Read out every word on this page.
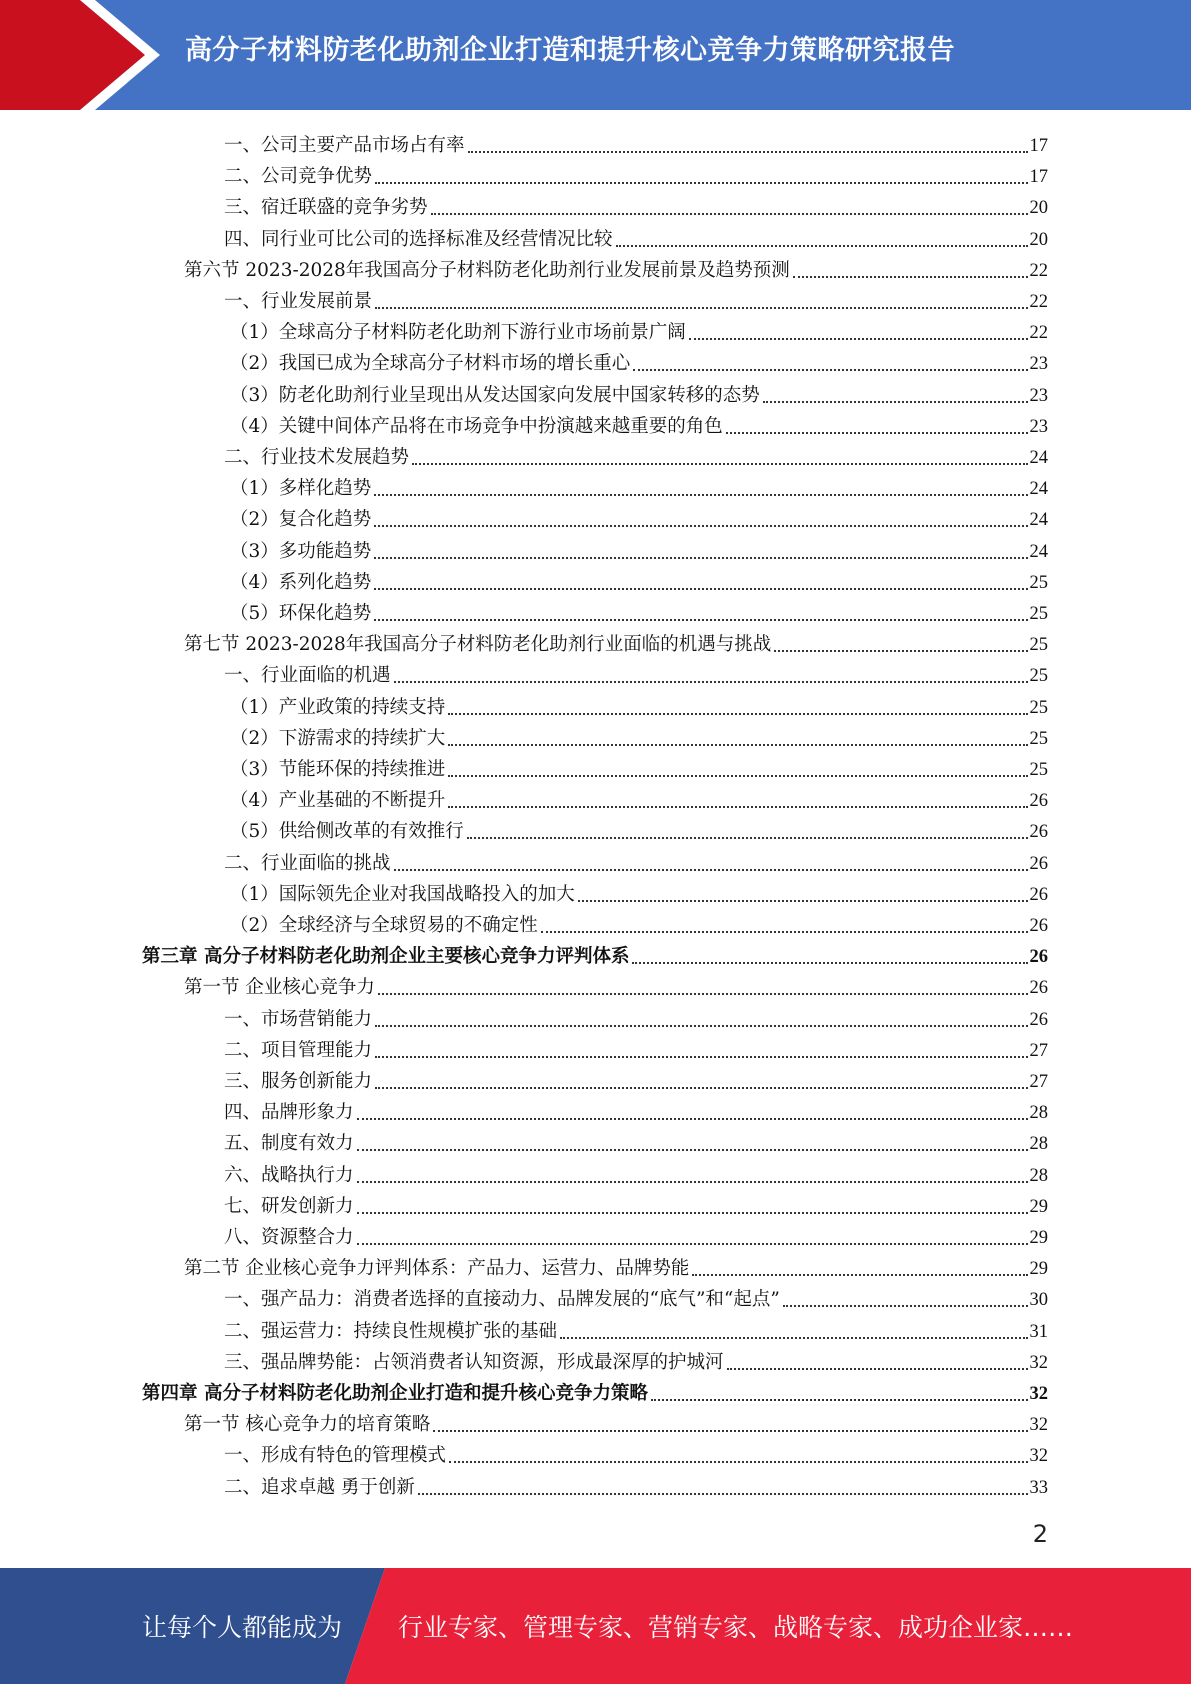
高分子材料防老化助剂企业打造和提升核心竞争力策略研究报告
一、公司主要产品市场占有率	17
二、公司竞争优势	17
三、宿迁联盛的竞争劣势	20
四、同行业可比公司的选择标准及经营情况比较	20
第六节 2023-2028年我国高分子材料防老化助剂行业发展前景及趋势预测	22
一、行业发展前景	22
（1）全球高分子材料防老化助剂下游行业市场前景广阔	22
（2）我国已成为全球高分子材料市场的增长重心	23
（3）防老化助剂行业呈现出从发达国家向发展中国家转移的态势	23
（4）关键中间体产品将在市场竞争中扮演越来越重要的角色	23
二、行业技术发展趋势	24
（1）多样化趋势	24
（2）复合化趋势	24
（3）多功能趋势	24
（4）系列化趋势	25
（5）环保化趋势	25
第七节 2023-2028年我国高分子材料防老化助剂行业面临的机遇与挑战	25
一、行业面临的机遇	25
（1）产业政策的持续支持	25
（2）下游需求的持续扩大	25
（3）节能环保的持续推进	25
（4）产业基础的不断提升	26
（5）供给侧改革的有效推行	26
二、行业面临的挑战	26
（1）国际领先企业对我国战略投入的加大	26
（2）全球经济与全球贸易的不确定性	26
第三章 高分子材料防老化助剂企业主要核心竞争力评判体系	26
第一节 企业核心竞争力	26
一、市场营销能力	26
二、项目管理能力	27
三、服务创新能力	27
四、品牌形象力	28
五、制度有效力	28
六、战略执行力	28
七、研发创新力	29
八、资源整合力	29
第二节 企业核心竞争力评判体系：产品力、运营力、品牌势能	29
一、强产品力：消费者选择的直接动力、品牌发展的“底气”和“起点”	30
二、强运营力：持续良性规模扩张的基础	31
三、强品牌势能：占领消费者认知资源，形成最深厚的护城河	32
第四章 高分子材料防老化助剂企业打造和提升核心竞争力策略	32
第一节 核心竞争力的培育策略	32
一、形成有特色的管理模式	32
二、追求卓越 勇于创新	33
2
让每个人都能成为 行业专家、管理专家、营销专家、战略专家、成功企业家……
